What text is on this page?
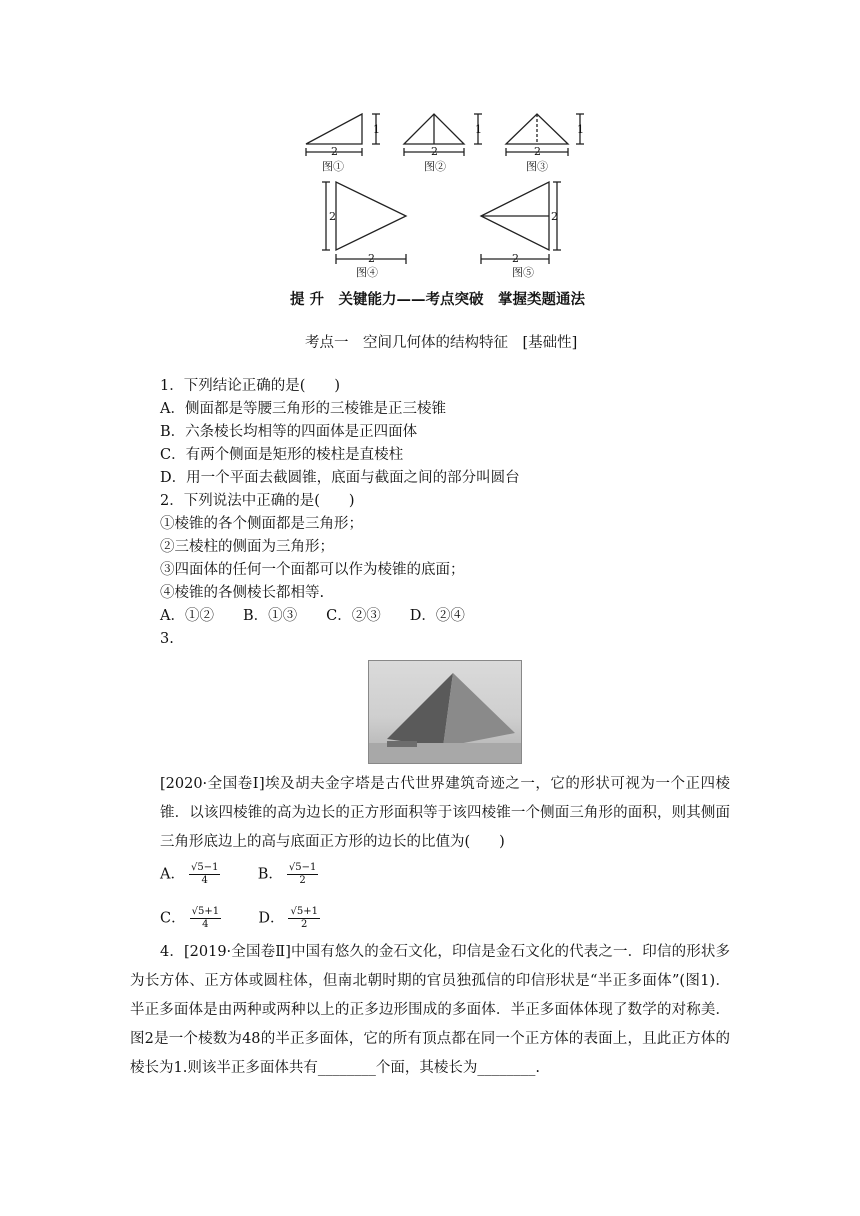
2
1
图①
2
1
图②
2
1
图③
2
2
图④
2
2
图⑤
提 升　关键能力——考点突破　掌握类题通法
考点一　空间几何体的结构特征　[基础性]
1．下列结论正确的是(　　)
A．侧面都是等腰三角形的三棱锥是正三棱锥
B．六条棱长均相等的四面体是正四面体
C．有两个侧面是矩形的棱柱是直棱柱
D．用一个平面去截圆锥，底面与截面之间的部分叫圆台
2．下列说法中正确的是(　　)
①棱锥的各个侧面都是三角形；
②三棱柱的侧面为三角形；
③四面体的任何一个面都可以作为棱锥的底面；
④棱锥的各侧棱长都相等.
A．①②　　B．①③　　C．②③　　D．②④
3.
[2020·全国卷Ⅰ]埃及胡夫金字塔是古代世界建筑奇迹之一，它的形状可视为一个正四棱锥．以该四棱锥的高为边长的正方形面积等于该四棱锥一个侧面三角形的面积，则其侧面三角形底边上的高与底面正方形的边长的比值为(　　)
A． $\frac{√5-1}{4}$	B． $\frac{√5-1}{2}$
C． $\frac{√5+1}{4}$	D． $\frac{√5+1}{2}$
4．[2019·全国卷Ⅱ]中国有悠久的金石文化，印信是金石文化的代表之一．印信的形状多为长方体、正方体或圆柱体，但南北朝时期的官员独孤信的印信形状是“半正多面体”(图1)．半正多面体是由两种或两种以上的正多边形围成的多面体．半正多面体体现了数学的对称美．图2是一个棱数为48的半正多面体，它的所有顶点都在同一个正方体的表面上，且此正方体的棱长为1.则该半正多面体共有________个面，其棱长为________.
